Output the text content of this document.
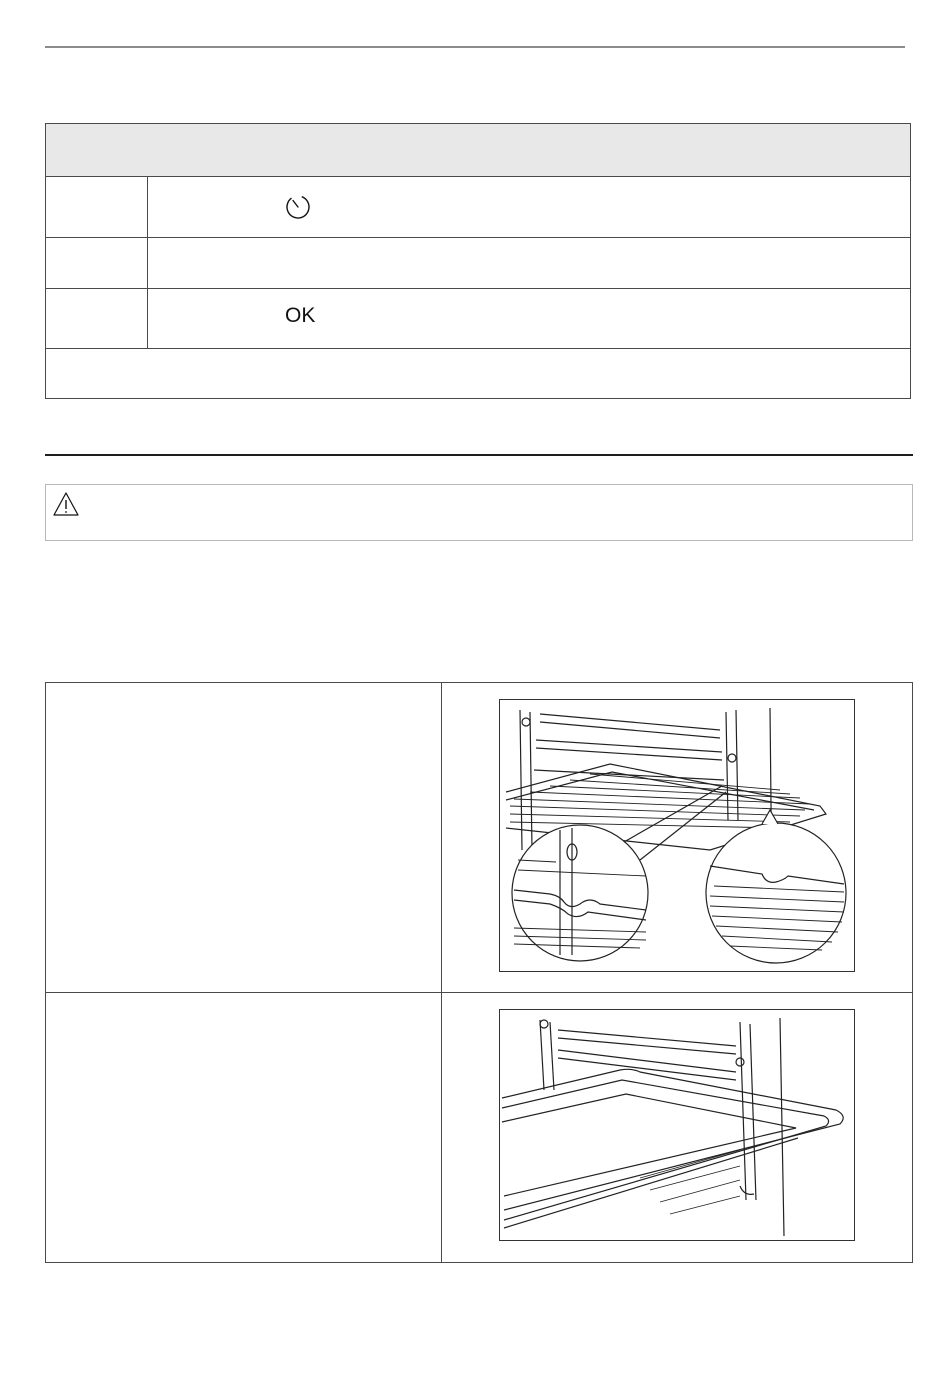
OK
